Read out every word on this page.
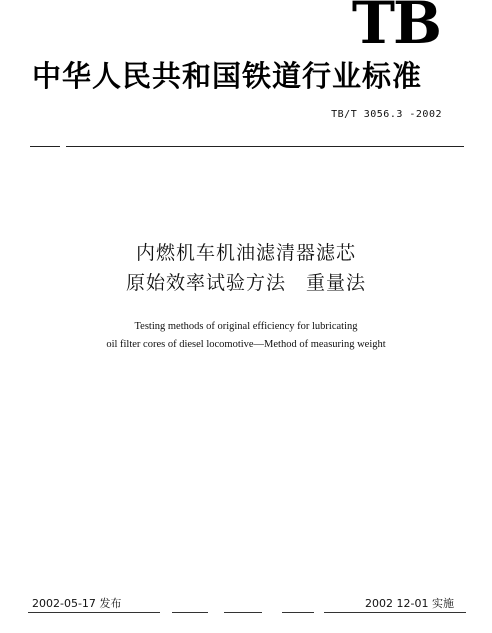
TB
中华人民共和国铁道行业标准
TB/T 3056.3 -2002
内燃机车机油滤清器滤芯
原始效率试验方法　重量法
Testing methods of original efficiency for lubricating
oil filter cores of diesel locomotive—Method of measuring weight
2002-05-17 发布	2002 12-01 实施
